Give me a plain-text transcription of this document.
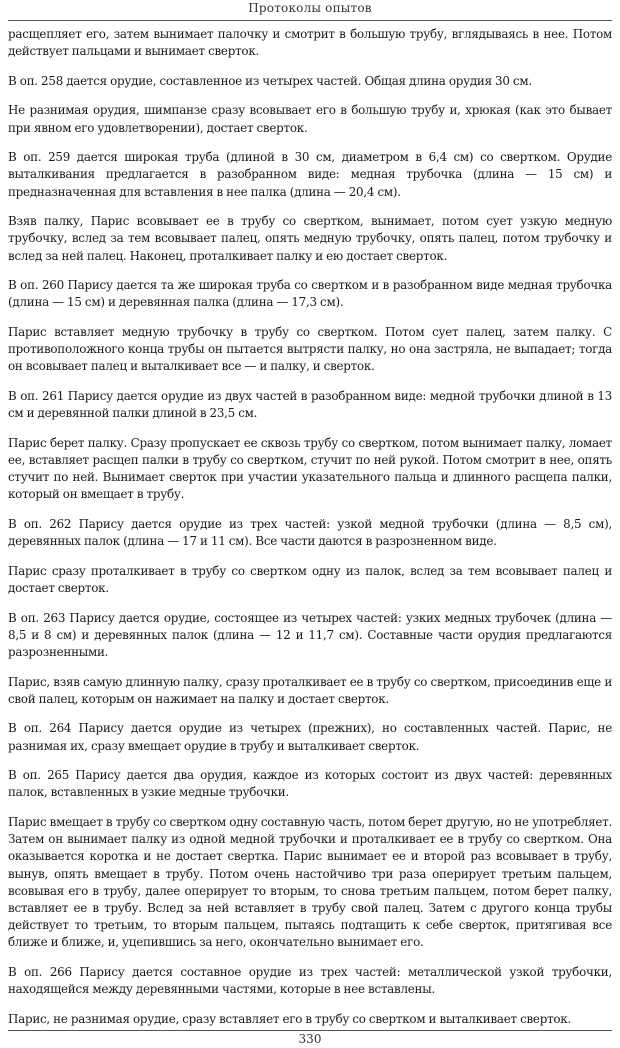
Протоколы опытов

расщепляет его, затем вынимает палочку и смотрит в большую трубу, вглядываясь в нее. Потом действует пальцами и вынимает сверток.

В оп. 258 дается орудие, составленное из четырех частей. Общая длина орудия 30 см.

Не разнимая орудия, шимпанзе сразу всовывает его в большую трубу и, хрюкая (как это бывает при явном его удовлетворении), достает сверток.

В оп. 259 дается широкая труба (длиной в 30 см, диаметром в 6,4 см) со свертком. Орудие выталкивания предлагается в разобранном виде: медная трубочка (длина — 15 см) и предназначенная для вставления в нее палка (длина — 20,4 см).

Взяв палку, Парис всовывает ее в трубу со свертком, вынимает, потом сует узкую медную трубочку, вслед за тем всовывает палец, опять медную трубочку, опять палец, потом трубочку и вслед за ней палец. Наконец, проталкивает палку и ею достает сверток.

В оп. 260 Парису дается та же широкая труба со свертком и в разобранном виде медная трубочка (длина — 15 см) и деревянная палка (длина — 17,3 см).

Парис вставляет медную трубочку в трубу со свертком. Потом сует палец, затем палку. С противоположного конца трубы он пытается вытрясти палку, но она застряла, не выпадает; тогда он всовывает палец и выталкивает все — и палку, и сверток.

В оп. 261 Парису дается орудие из двух частей в разобранном виде: медной трубочки длиной в 13 см и деревянной палки длиной в 23,5 см.

Парис берет палку. Сразу пропускает ее сквозь трубу со свертком, потом вынимает палку, ломает ее, вставляет расщеп палки в трубу со свертком, стучит по ней рукой. Потом смотрит в нее, опять стучит по ней. Вынимает сверток при участии указательного пальца и длинного расщепа палки, который он вмещает в трубу.

В оп. 262 Парису дается орудие из трех частей: узкой медной трубочки (длина — 8,5 см), деревянных палок (длина — 17 и 11 см). Все части даются в разрозненном виде.

Парис сразу проталкивает в трубу со свертком одну из палок, вслед за тем всовывает палец и достает сверток.

В оп. 263 Парису дается орудие, состоящее из четырех частей: узких медных трубочек (длина — 8,5 и 8 см) и деревянных палок (длина — 12 и 11,7 см). Составные части орудия предлагаются разрозненными.

Парис, взяв самую длинную палку, сразу проталкивает ее в трубу со свертком, присоединив еще и свой палец, которым он нажимает на палку и достает сверток.

В оп. 264 Парису дается орудие из четырех (прежних), но составленных частей. Парис, не разнимая их, сразу вмещает орудие в трубу и выталкивает сверток.

В оп. 265 Парису дается два орудия, каждое из которых состоит из двух частей: деревянных палок, вставленных в узкие медные трубочки.

Парис вмещает в трубу со свертком одну составную часть, потом берет другую, но не употребляет. Затем он вынимает палку из одной медной трубочки и проталкивает ее в трубу со свертком. Она оказывается коротка и не достает свертка. Парис вынимает ее и второй раз всовывает в трубу, вынув, опять вмещает в трубу. Потом очень настойчиво три раза оперирует третьим пальцем, всовывая его в трубу, далее оперирует то вторым, то снова третьим пальцем, потом берет палку, вставляет ее в трубу. Вслед за ней вставляет в трубу свой палец. Затем с другого конца трубы действует то третьим, то вторым пальцем, пытаясь подтащить к себе сверток, притягивая все ближе и ближе, и, уцепившись за него, окончательно вынимает его.

В оп. 266 Парису дается составное орудие из трех частей: металлической узкой трубочки, находящейся между деревянными частями, которые в нее вставлены.

Парис, не разнимая орудие, сразу вставляет его в трубу со свертком и выталкивает сверток.

330
